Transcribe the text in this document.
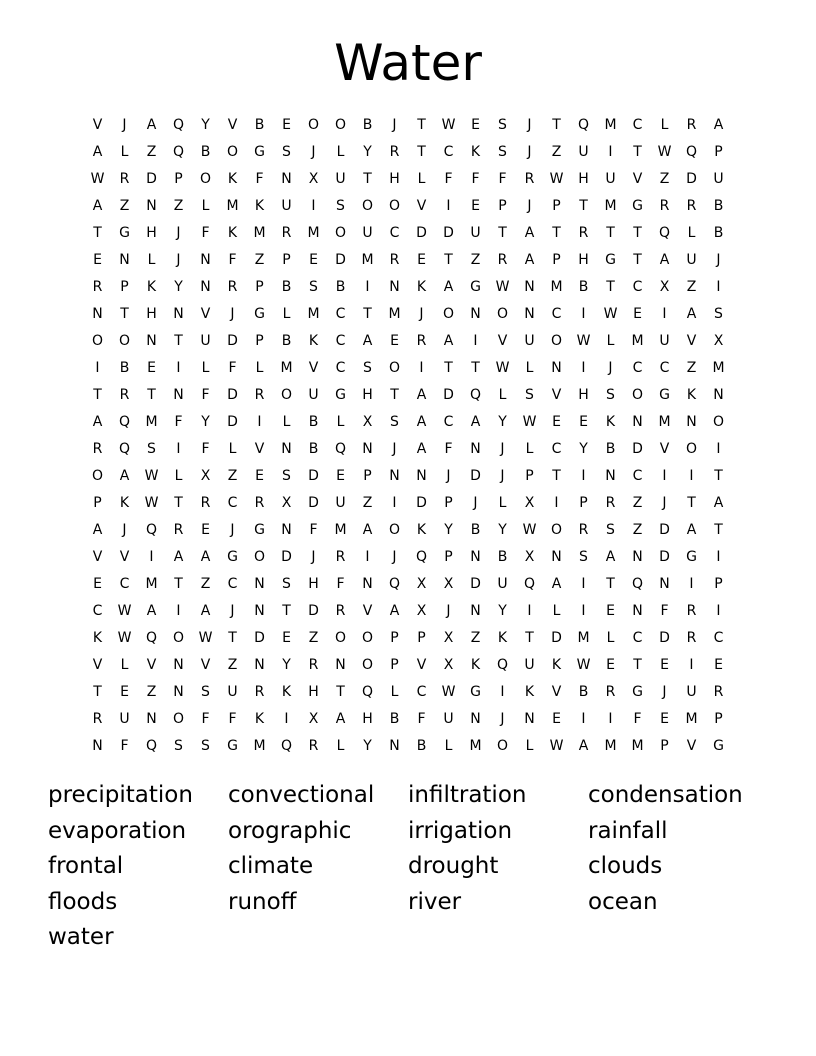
Water
V	J	A	Q	Y	V	B	E	O	O	B	J	T	W	E	S	J	T	Q	M	C	L	R	A
A	L	Z	Q	B	O	G	S	J	L	Y	R	T	C	K	S	J	Z	U	I	T	W	Q	P
W	R	D	P	O	K	F	N	X	U	T	H	L	F	F	F	R	W	H	U	V	Z	D	U
A	Z	N	Z	L	M	K	U	I	S	O	O	V	I	E	P	J	P	T	M	G	R	R	B
T	G	H	J	F	K	M	R	M	O	U	C	D	D	U	T	A	T	R	T	T	Q	L	B
E	N	L	J	N	F	Z	P	E	D	M	R	E	T	Z	R	A	P	H	G	T	A	U	J
R	P	K	Y	N	R	P	B	S	B	I	N	K	A	G	W	N	M	B	T	C	X	Z	I
N	T	H	N	V	J	G	L	M	C	T	M	J	O	N	O	N	C	I	W	E	I	A	S
O	O	N	T	U	D	P	B	K	C	A	E	R	A	I	V	U	O	W	L	M	U	V	X
I	B	E	I	L	F	L	M	V	C	S	O	I	T	T	W	L	N	I	J	C	C	Z	M
T	R	T	N	F	D	R	O	U	G	H	T	A	D	Q	L	S	V	H	S	O	G	K	N
A	Q	M	F	Y	D	I	L	B	L	X	S	A	C	A	Y	W	E	E	K	N	M	N	O
R	Q	S	I	F	L	V	N	B	Q	N	J	A	F	N	J	L	C	Y	B	D	V	O	I
O	A	W	L	X	Z	E	S	D	E	P	N	N	J	D	J	P	T	I	N	C	I	I	T
P	K	W	T	R	C	R	X	D	U	Z	I	D	P	J	L	X	I	P	R	Z	J	T	A
A	J	Q	R	E	J	G	N	F	M	A	O	K	Y	B	Y	W	O	R	S	Z	D	A	T
V	V	I	A	A	G	O	D	J	R	I	J	Q	P	N	B	X	N	S	A	N	D	G	I
E	C	M	T	Z	C	N	S	H	F	N	Q	X	X	D	U	Q	A	I	T	Q	N	I	P
C	W	A	I	A	J	N	T	D	R	V	A	X	J	N	Y	I	L	I	E	N	F	R	I
K	W	Q	O	W	T	D	E	Z	O	O	P	P	X	Z	K	T	D	M	L	C	D	R	C
V	L	V	N	V	Z	N	Y	R	N	O	P	V	X	K	Q	U	K	W	E	T	E	I	E
T	E	Z	N	S	U	R	K	H	T	Q	L	C	W	G	I	K	V	B	R	G	J	U	R
R	U	N	O	F	F	K	I	X	A	H	B	F	U	N	J	N	E	I	I	F	E	M	P
N	F	Q	S	S	G	M	Q	R	L	Y	N	B	L	M	O	L	W	A	M	M	P	V	G
precipitation	convectional	infiltration	condensation
evaporation	orographic	irrigation	rainfall
frontal	climate	drought	clouds
floods	runoff	river	ocean
water
